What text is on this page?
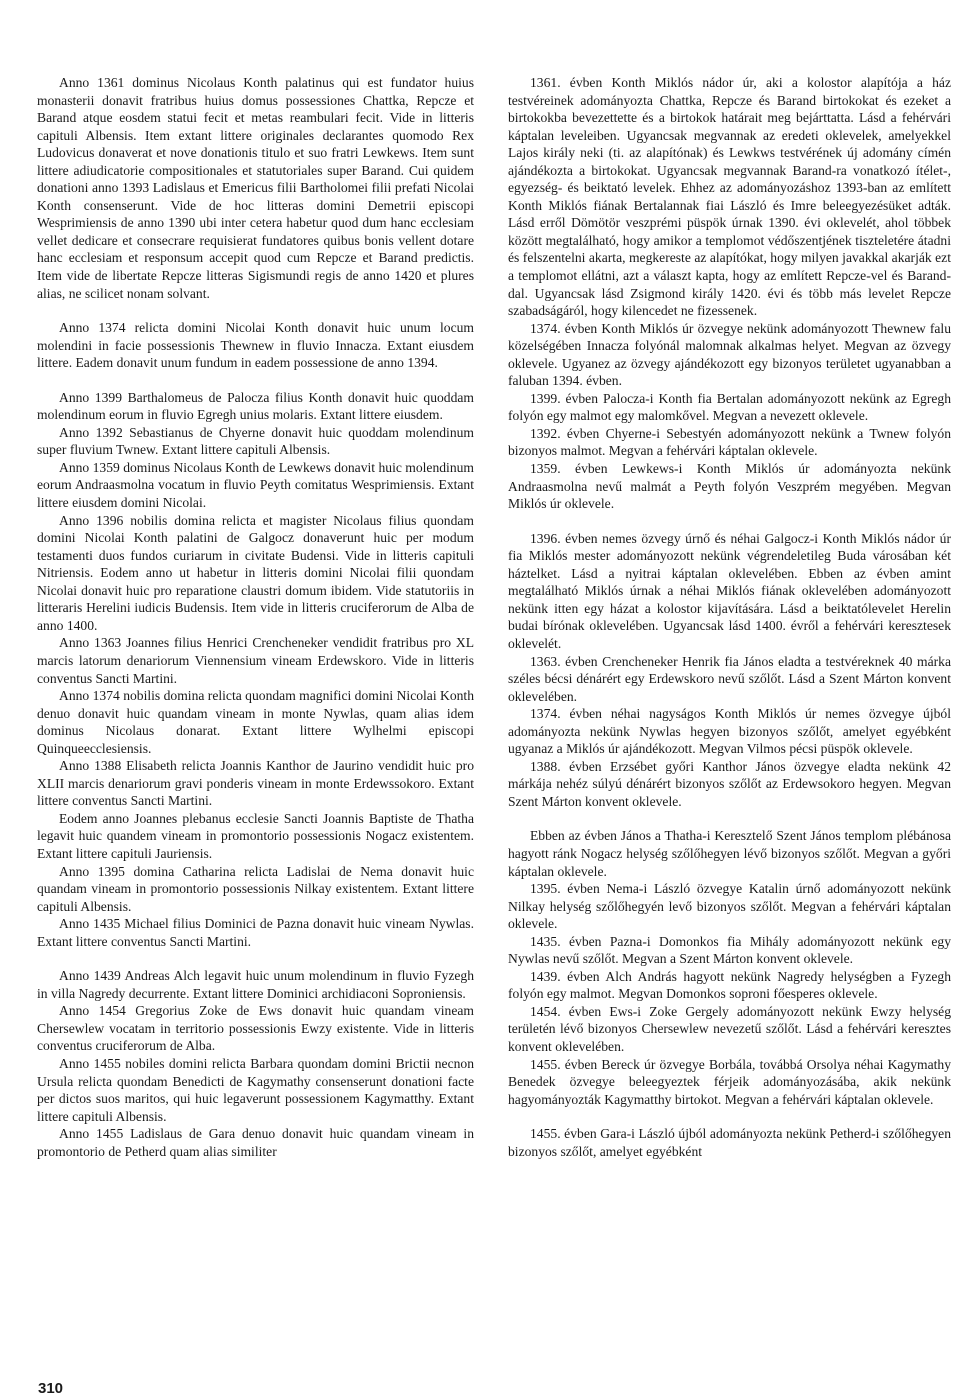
Anno 1361 dominus Nicolaus Konth palatinus qui est fundator huius monasterii donavit fratribus huius domus possessiones Chattka, Repcze et Barand atque eosdem statui fecit et metas reambulari fecit. Vide in litteris capituli Albensis. Item extant littere originales declarantes quomodo Rex Ludovicus donaverat et nove donationis titulo et suo fratri Lewkews. Item sunt littere adiudicatorie compositionales et statutoriales super Barand. Cui quidem donationi anno 1393 Ladislaus et Emericus filii Bartholomei filii prefati Nicolai Konth consenserunt. Vide de hoc litteras domini Demetrii episcopi Wesprimiensis de anno 1390 ubi inter cetera habetur quod dum hanc ecclesiam vellet dedicare et consecrare requisierat fundatores quibus bonis vellent dotare hanc ecclesiam et responsum accepit quod cum Repcze et Barand predictis. Item vide de libertate Repcze litteras Sigismundi regis de anno 1420 et plures alias, ne scilicet nonam solvant.

Anno 1374 relicta domini Nicolai Konth donavit huic unum locum molendini in facie possessionis Thewnew in fluvio Innacza. Extant eiusdem littere. Eadem donavit unum fundum in eadem possessione de anno 1394.

Anno 1399 Barthalomeus de Palocza filius Konth donavit huic quoddam molendinum eorum in fluvio Egregh unius molaris. Extant littere eiusdem.

Anno 1392 Sebastianus de Chyerne donavit huic quoddam molendinum super fluvium Twnew. Extant littere capituli Albensis.

Anno 1359 dominus Nicolaus Konth de Lewkews donavit huic molendinum eorum Andraasmolna vocatum in fluvio Peyth comitatus Wesprimiensis. Extant littere eiusdem domini Nicolai.

Anno 1396 nobilis domina relicta et magister Nicolaus filius quondam domini Nicolai Konth palatini de Galgocz donaverunt huic per modum testamenti duos fundos curiarum in civitate Budensi. Vide in litteris capituli Nitriensis. Eodem anno ut habetur in litteris domini Nicolai filii quondam Nicolai donavit huic pro reparatione claustri domum ibidem. Vide statutoriis in litteraris Herelini iudicis Budensis. Item vide in litteris cruciferorum de Alba de anno 1400.

Anno 1363 Joannes filius Henrici Crencheneker vendidit fratribus pro XL marcis latorum denariorum Viennensium vineam Erdewskoro. Vide in litteris conventus Sancti Martini.

Anno 1374 nobilis domina relicta quondam magnifici domini Nicolai Konth denuo donavit huic quandam vineam in monte Nywlas, quam alias idem dominus Nicolaus donarat. Extant littere Wylhelmi episcopi Quinqueecclesiensis.

Anno 1388 Elisabeth relicta Joannis Kanthor de Jaurino vendidit huic pro XLII marcis denariorum gravi ponderis vineam in monte Erdewssokoro. Extant littere conventus Sancti Martini.

Eodem anno Joannes plebanus ecclesie Sancti Joannis Baptiste de Thatha legavit huic quandem vineam in promontorio possessionis Nogacz existentem. Extant littere capituli Jauriensis.

Anno 1395 domina Catharina relicta Ladislai de Nema donavit huic quandam vineam in promontorio possessionis Nilkay existentem. Extant littere capituli Albensis.

Anno 1435 Michael filius Dominici de Pazna donavit huic vineam Nywlas. Extant littere conventus Sancti Martini.

Anno 1439 Andreas Alch legavit huic unum molendinum in fluvio Fyzegh in villa Nagredy decurrente. Extant littere Dominici archidiaconi Soproniensis.

Anno 1454 Gregorius Zoke de Ews donavit huic quandam vineam Chersewlew vocatam in territorio possessionis Ewzy existente. Vide in litteris conventus cruciferorum de Alba.

Anno 1455 nobiles domini relicta Barbara quondam domini Brictii necnon Ursula relicta quondam Benedicti de Kagymathy consenserunt donationi facte per dictos suos maritos, qui huic legaverunt possessionem Kagymatthy. Extant littere capituli Albensis.

Anno 1455 Ladislaus de Gara denuo donavit huic quandam vineam in promontorio de Petherd quam alias similiter

1361. évben Konth Miklós nádor úr, aki a kolostor alapítója a ház testvéreinek adományozta Chattka, Repcze és Barand birtokokat és ezeket a birtokokba bevezettette és a birtokok határait meg bejárttatta. Lásd a fehérvári káptalan leveleiben. Ugyancsak megvannak az eredeti oklevelek, amelyekkel Lajos király neki (ti. az alapítónak) és Lewkws testvérének új adomány címén ajándékozta a birtokokat. Ugyancsak megvannak Barand-ra vonatkozó ítélet-, egyezség- és beiktató levelek. Ehhez az adományozáshoz 1393-ban az említett Konth Miklós fiának Bertalannak fiai László és Imre beleegyezésüket adták. Lásd erről Dömötör veszprémi püspök úrnak 1390. évi oklevelét, ahol többek között megtalálható, hogy amikor a templomot védőszentjének tiszteletére átadni és felszentelni akarta, megkereste az alapítókat, hogy milyen javakkal akarják ezt a templomot ellátni, azt a választ kapta, hogy az említett Repcze-vel és Barand-dal. Ugyancsak lásd Zsigmond király 1420. évi és több más levelet Repcze szabadságáról, hogy kilencedet ne fizessenek.

1374. évben Konth Miklós úr özvegye nekünk adományozott Thewnew falu közelségében Innacza folyónál malomnak alkalmas helyet. Megvan az özvegy oklevele. Ugyanez az özvegy ajándékozott egy bizonyos területet ugyanabban a faluban 1394. évben.

1399. évben Palocza-i Konth fia Bertalan adományozott nekünk az Egregh folyón egy malmot egy malomkővel. Megvan a nevezett oklevele.

1392. évben Chyerne-i Sebestyén adományozott nekünk a Twnew folyón bizonyos malmot. Megvan a fehérvári káptalan oklevele.

1359. évben Lewkews-i Konth Miklós úr adományozta nekünk Andraasmolna nevű malmát a Peyth folyón Veszprém megyében. Megvan Miklós úr oklevele.

1396. évben nemes özvegy úrnő és néhai Galgocz-i Konth Miklós nádor úr fia Miklós mester adományozott nekünk végrendeletileg Buda városában két háztelket. Lásd a nyitrai káptalan oklevelében. Ebben az évben amint megtalálható Miklós úrnak a néhai Miklós fiának oklevelében adományozott nekünk itten egy házat a kolostor kijavítására. Lásd a beiktatólevelet Herelin budai bírónak oklevelében. Ugyancsak lásd 1400. évről a fehérvári keresztesek oklevelét.

1363. évben Crencheneker Henrik fia János eladta a testvéreknek 40 márka széles bécsi dénárért egy Erdewskoro nevű szőlőt. Lásd a Szent Márton konvent oklevelében.

1374. évben néhai nagyságos Konth Miklós úr nemes özvegye újból adományozta nekünk Nywlas hegyen bizonyos szőlőt, amelyet egyébként ugyanaz a Miklós úr ajándékozott. Megvan Vilmos pécsi püspök oklevele.

1388. évben Erzsébet győri Kanthor János özvegye eladta nekünk 42 márkája nehéz súlyú dénárért bizonyos szőlőt az Erdewsokoro hegyen. Megvan Szent Márton konvent oklevele.

Ebben az évben János a Thatha-i Keresztelő Szent János templom plébánosa hagyott ránk Nogacz helység szőlőhegyen lévő bizonyos szőlőt. Megvan a győri káptalan oklevele.

1395. évben Nema-i László özvegye Katalin úrnő adományozott nekünk Nilkay helység szőlőhegyén levő bizonyos szőlőt. Megvan a fehérvári káptalan oklevele.

1435. évben Pazna-i Domonkos fia Mihály adományozott nekünk egy Nywlas nevű szőlőt. Megvan a Szent Márton konvent oklevele.

1439. évben Alch András hagyott nekünk Nagredy helységben a Fyzegh folyón egy malmot. Megvan Domonkos soproni főesperes oklevele.

1454. évben Ews-i Zoke Gergely adományozott nekünk Ewzy helység területén lévő bizonyos Chersewlew nevezetű szőlőt. Lásd a fehérvári keresztes konvent oklevelében.

1455. évben Bereck úr özvegye Borbála, továbbá Orsolya néhai Kagymathy Benedek özvegye beleegyeztek férjeik adományozásába, akik nekünk hagyományozták Kagymatthy birtokot. Megvan a fehérvári káptalan oklevele.

1455. évben Gara-i László újból adományozta nekünk Petherd-i szőlőhegyen bizonyos szőlőt, amelyet egyébként

310
